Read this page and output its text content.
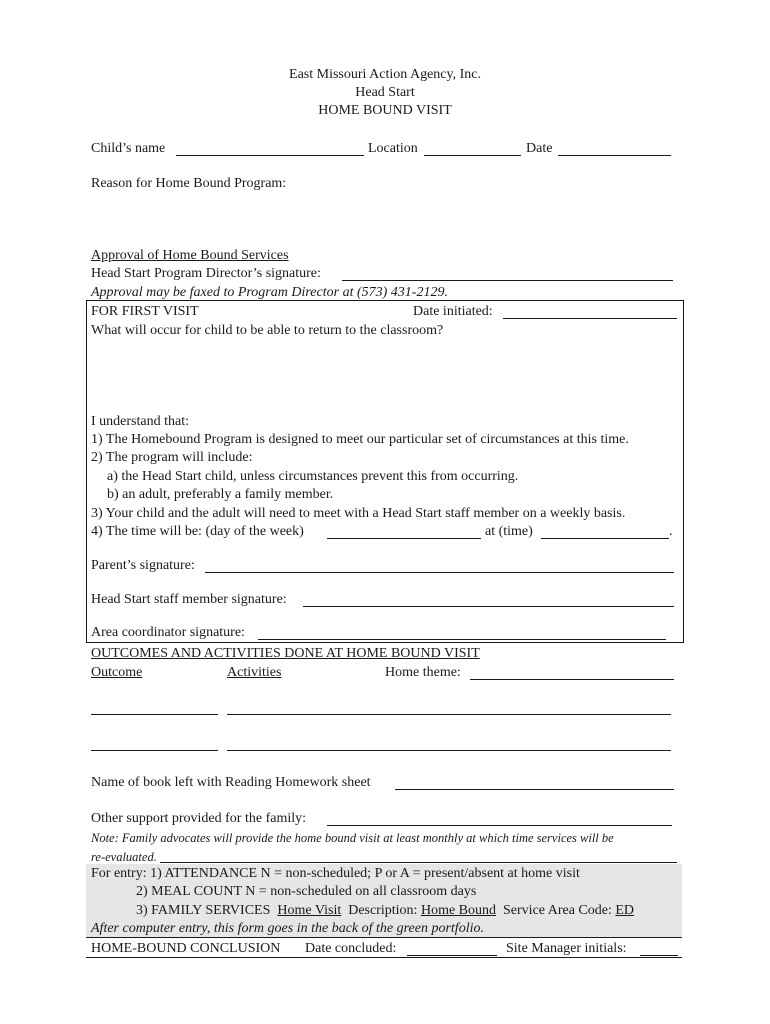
East Missouri Action Agency, Inc.
Head Start
HOME BOUND VISIT
Child’s name	Location	Date
Reason for Home Bound Program:
Approval of Home Bound Services
Head Start Program Director’s signature:
Approval may be faxed to Program Director at (573) 431-2129.
FOR FIRST VISIT	Date initiated:
What will occur for child to be able to return to the classroom?
I understand that:
1) The Homebound Program is designed to meet our particular set of circumstances at this time.
2) The program will include:
a) the Head Start child, unless circumstances prevent this from occurring.
b) an adult, preferably a family member.
3) Your child and the adult will need to meet with a Head Start staff member on a weekly basis.
4) The time will be: (day of the week)	at (time)	.
Parent’s signature:
Head Start staff member signature:
Area coordinator signature:
OUTCOMES AND ACTIVITIES DONE AT HOME BOUND VISIT
Outcome	Activities	Home theme:
Name of book left with Reading Homework sheet
Other support provided for the family:
Note: Family advocates will provide the home bound visit at least monthly at which time services will be
re-evaluated.
For entry: 1) ATTENDANCE N = non-scheduled; P or A = present/absent at home visit
2) MEAL COUNT N = non-scheduled on all classroom days
3) FAMILY SERVICES Home Visit Description: Home Bound Service Area Code: ED
After computer entry, this form goes in the back of the green portfolio.
HOME-BOUND CONCLUSION Date concluded:	Site Manager initials:
